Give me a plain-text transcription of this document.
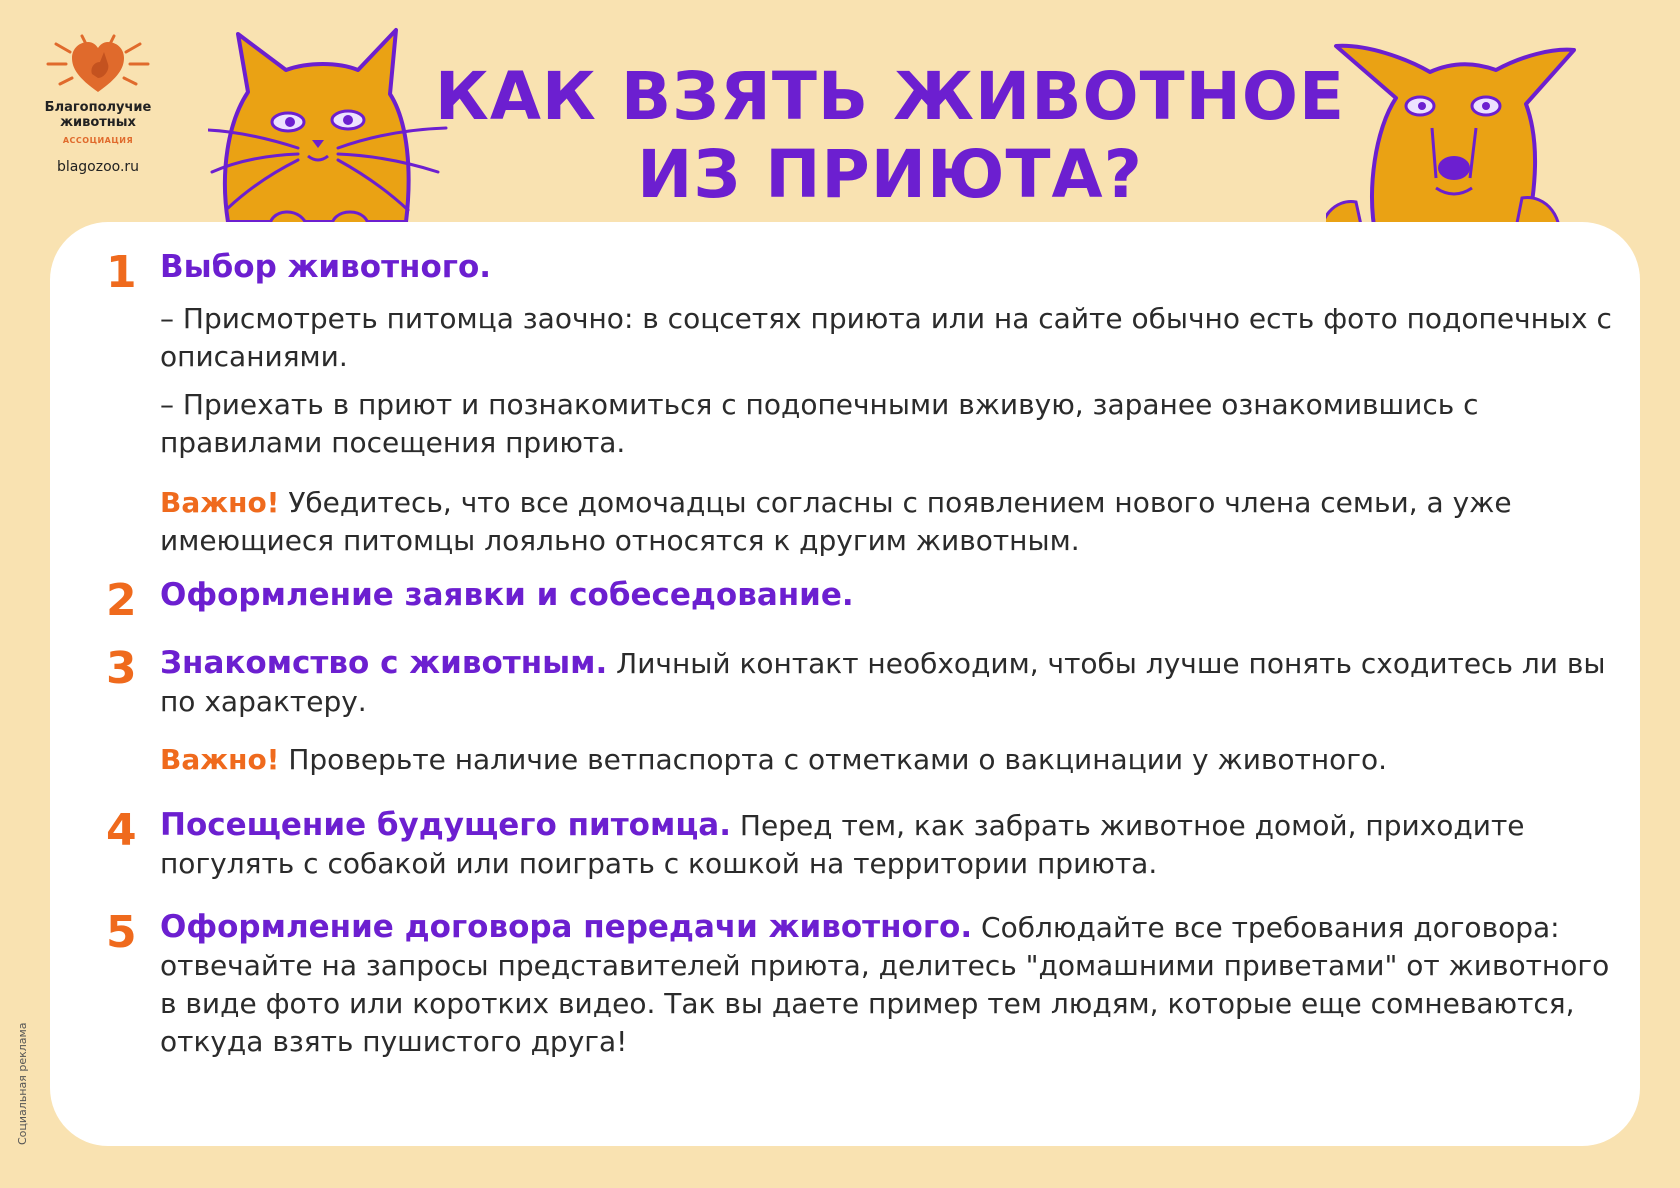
Благополучие
животных
АССОЦИАЦИЯ
blagozoo.ru
КАК ВЗЯТЬ ЖИВОТНОЕ
ИЗ ПРИЮТА?
1 Выбор животного.

– Присмотреть питомца заочно: в соцсетях приюта или на сайте обычно есть фото подопечных с описаниями.

– Приехать в приют и познакомиться с подопечными вживую, заранее ознакомившись с правилами посещения приюта.

Важно! Убедитесь, что все домочадцы согласны с появлением нового члена семьи, а уже имеющиеся питомцы лояльно относятся к другим животным.

2 Оформление заявки и собеседование.
3 Знакомство с животным. Личный контакт необходим, чтобы лучше понять сходитесь ли вы по характеру.

Важно! Проверьте наличие ветпаспорта с отметками о вакцинации у животного.

4 Посещение будущего питомца. Перед тем, как забрать животное домой, приходите погулять с собакой или поиграть с кошкой на территории приюта.

5 Оформление договора передачи животного. Соблюдайте все требования договора: отвечайте на запросы представителей приюта, делитесь "домашними приветами" от животного в виде фото или коротких видео. Так вы даете пример тем людям, которые еще сомневаются, откуда взять пушистого друга!

Социальная реклама
